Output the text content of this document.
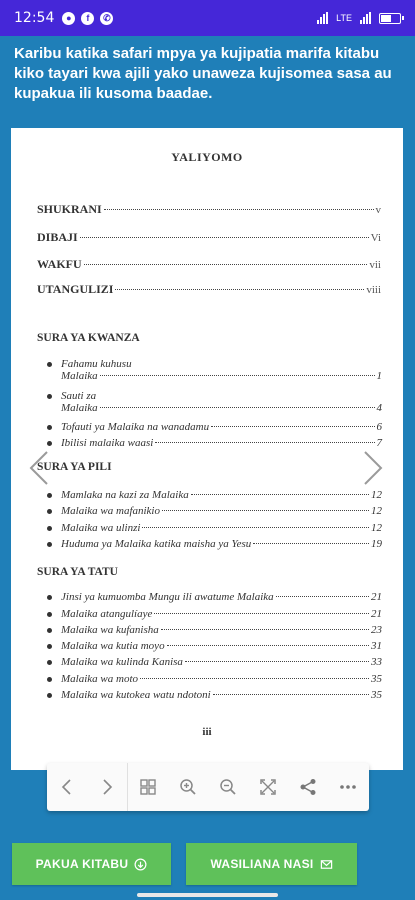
12:54	●	f	✆	LTE
Karibu katika safari mpya ya kujipatia marifa kitabu kiko tayari kwa ajili yako unaweza kujisomea sasa au kupakua ili kusoma baadae.
YALIYOMO
SHUKRANI	v
DIBAJI	Vi
WAKFU	vii
UTANGULIZI	viii
SURA YA KWANZA
Fahamu kuhusu
Malaika	1
Sauti za
Malaika	4
Tofauti ya Malaika na wanadamu	6
Ibilisi malaika waasi	7
SURA YA PILI
Mamlaka na kazi za Malaika	12
Malaika wa mafanikio	12
Malaika wa ulinzi	12
Huduma ya Malaika katika maisha ya Yesu	19
SURA YA TATU
Jinsi ya kumuomba Mungu ili awatume Malaika	21
Malaika atangulíaye	21
Malaika wa kufanisha	23
Malaika wa kutia moyo	31
Malaika wa kulinda Kanisa	33
Malaika wa moto	35
Malaika wa kutokea watu ndotoni	35
iii
PAKUA KITABU	WASILIANA NASI
